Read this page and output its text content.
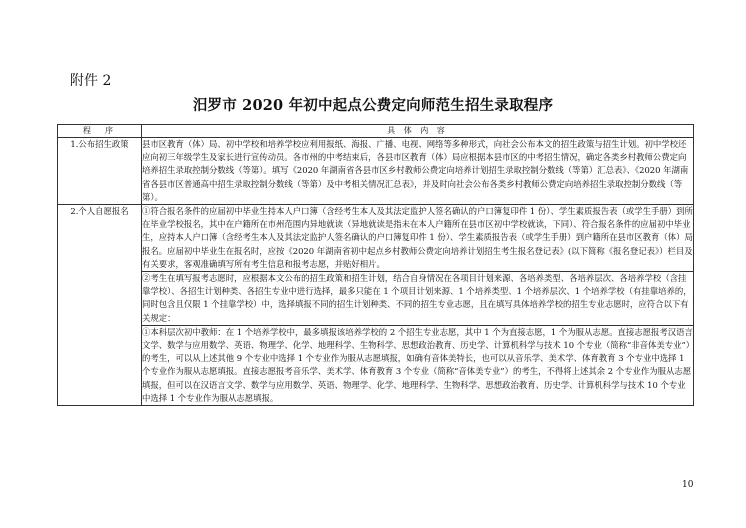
附件 2
汨罗市 2020 年初中起点公费定向师范生招生录取程序
程　序	具 体 内 容
1.公布招生政策	县市区教育（体）局、初中学校和培养学校应利用报纸、海报、广播、电视、网络等多种形式，向社会公布本文的招生政策与招生计划。初中学校还应向初三年级学生及家长进行宣传动员。各市州的中考结束后，各县市区教育（体）局应根据本县市区的中考招生情况，确定各类乡村教师公费定向培养招生录取控制分数线（等第）。填写《2020 年湖南省各县市区乡村教师公费定向培养计划招生录取控制分数线（等第）汇总表》、《2020 年湖南省各县市区普通高中招生录取控制分数线（等第）及中考相关情况汇总表》，并及时向社会公布各类乡村教师公费定向培养招生录取控制分数线（等第）。
2.个人自愿报名	①符合报名条件的应届初中毕业生持本人户口簿（含经考生本人及其法定监护人签名确认的户口簿复印件 1 份）、学生素质报告表（或学生手册）到所在毕业学校报名，其中在户籍所在市州范围内异地就读（异地就读是指未在本人户籍所在县市区初中学校就读，下同）、符合报名条件的应届初中毕业生，应持本人户口簿（含经考生本人及其法定监护人签名确认的户口簿复印件 1 份）、学生素质报告表（或学生手册）到户籍所在县市区教育（体）局报名。应届初中毕业生在报名时，应按《2020 年湖南省初中起点乡村教师公费定向培养计划招生考生报名登记表》(以下简称《报名登记表》）栏目及有关要求，客观准确填写所有考生信息和报考志愿，并贴好相片。
	②考生在填写报考志愿时，应根据本文公布的招生政策和招生计划，结合自身情况在各项目计划来源、各培养类型、各培养层次、各培养学校（含挂靠学校）、各招生计划种类、各招生专业中进行选择，最多只能在 1 个项目计划来源、1 个培养类型、1 个培养层次、1 个培养学校（有挂靠培养的，同时包含且仅限 1 个挂靠学校）中，选择填报不同的招生计划种类、不同的招生专业志愿，且在填写具体培养学校的招生专业志愿时，应符合以下有关规定：
	①本科层次初中教师：在 1 个培养学校中，最多填报该培养学校的 2 个招生专业志愿，其中 1 个为直接志愿，1 个为服从志愿。直接志愿报考汉语言文学、数学与应用数学、英语、物理学、化学、地理科学、生物科学、思想政治教育、历史学、计算机科学与技术 10 个专业（简称“非音体美专业”）的考生，可以从上述其他 9 个专业中选择 1 个专业作为服从志愿填报，如确有音体美特长，也可以从音乐学、美术学、体育教育 3 个专业中选择 1 个专业作为服从志愿填报。直接志愿报考音乐学、美术学、体育教育 3 个专业（简称“音体美专业”）的考生，不得将上述其余 2 个专业作为服从志愿填报，但可以在汉语言文学、数学与应用数学、英语、物理学、化学、地理科学、生物科学、思想政治教育、历史学、计算机科学与技术 10 个专业中选择 1 个专业作为服从志愿填报。
10
